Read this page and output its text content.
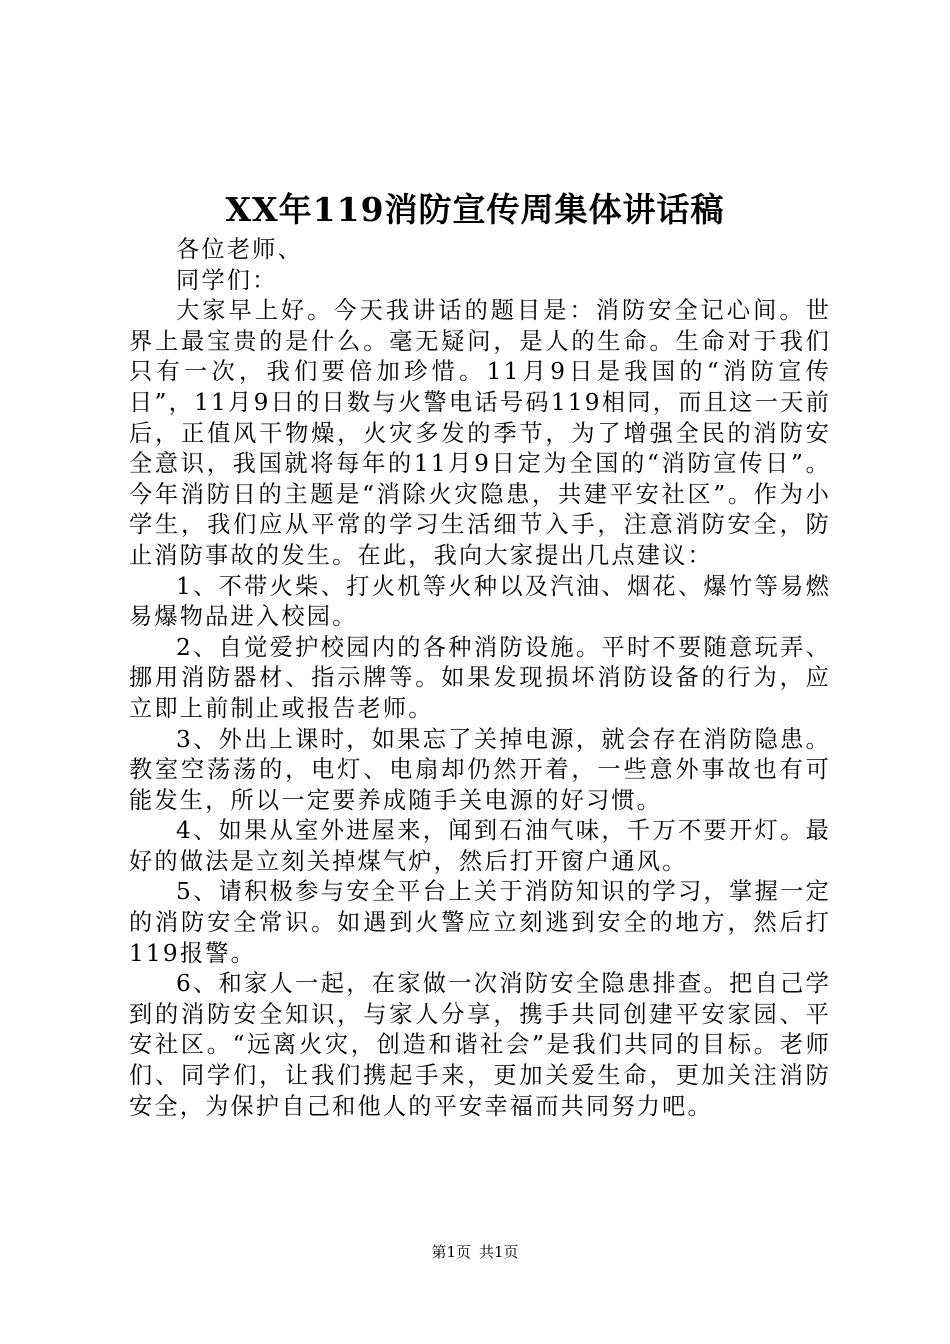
XX年119消防宣传周集体讲话稿

各位老师、

同学们：

大家早上好。今天我讲话的题目是：消防安全记心间。世界上最宝贵的是什么。毫无疑问，是人的生命。生命对于我们只有一次，我们要倍加珍惜。11月9日是我国的“消防宣传日”，11月9日的日数与火警电话号码119相同，而且这一天前后，正值风干物燥，火灾多发的季节，为了增强全民的消防安全意识，我国就将每年的11月9日定为全国的“消防宣传日”。今年消防日的主题是“消除火灾隐患，共建平安社区”。作为小学生，我们应从平常的学习生活细节入手，注意消防安全，防止消防事故的发生。在此，我向大家提出几点建议：

1、不带火柴、打火机等火种以及汽油、烟花、爆竹等易燃易爆物品进入校园。

2、自觉爱护校园内的各种消防设施。平时不要随意玩弄、挪用消防器材、指示牌等。如果发现损坏消防设备的行为，应立即上前制止或报告老师。

3、外出上课时，如果忘了关掉电源，就会存在消防隐患。教室空荡荡的，电灯、电扇却仍然开着，一些意外事故也有可能发生，所以一定要养成随手关电源的好习惯。

4、如果从室外进屋来，闻到石油气味，千万不要开灯。最好的做法是立刻关掉煤气炉，然后打开窗户通风。

5、请积极参与安全平台上关于消防知识的学习，掌握一定的消防安全常识。如遇到火警应立刻逃到安全的地方，然后打119报警。

6、和家人一起，在家做一次消防安全隐患排查。把自己学到的消防安全知识，与家人分享，携手共同创建平安家园、平安社区。“远离火灾，创造和谐社会”是我们共同的目标。老师们、同学们，让我们携起手来，更加关爱生命，更加关注消防安全，为保护自己和他人的平安幸福而共同努力吧。

第1页 共1页
